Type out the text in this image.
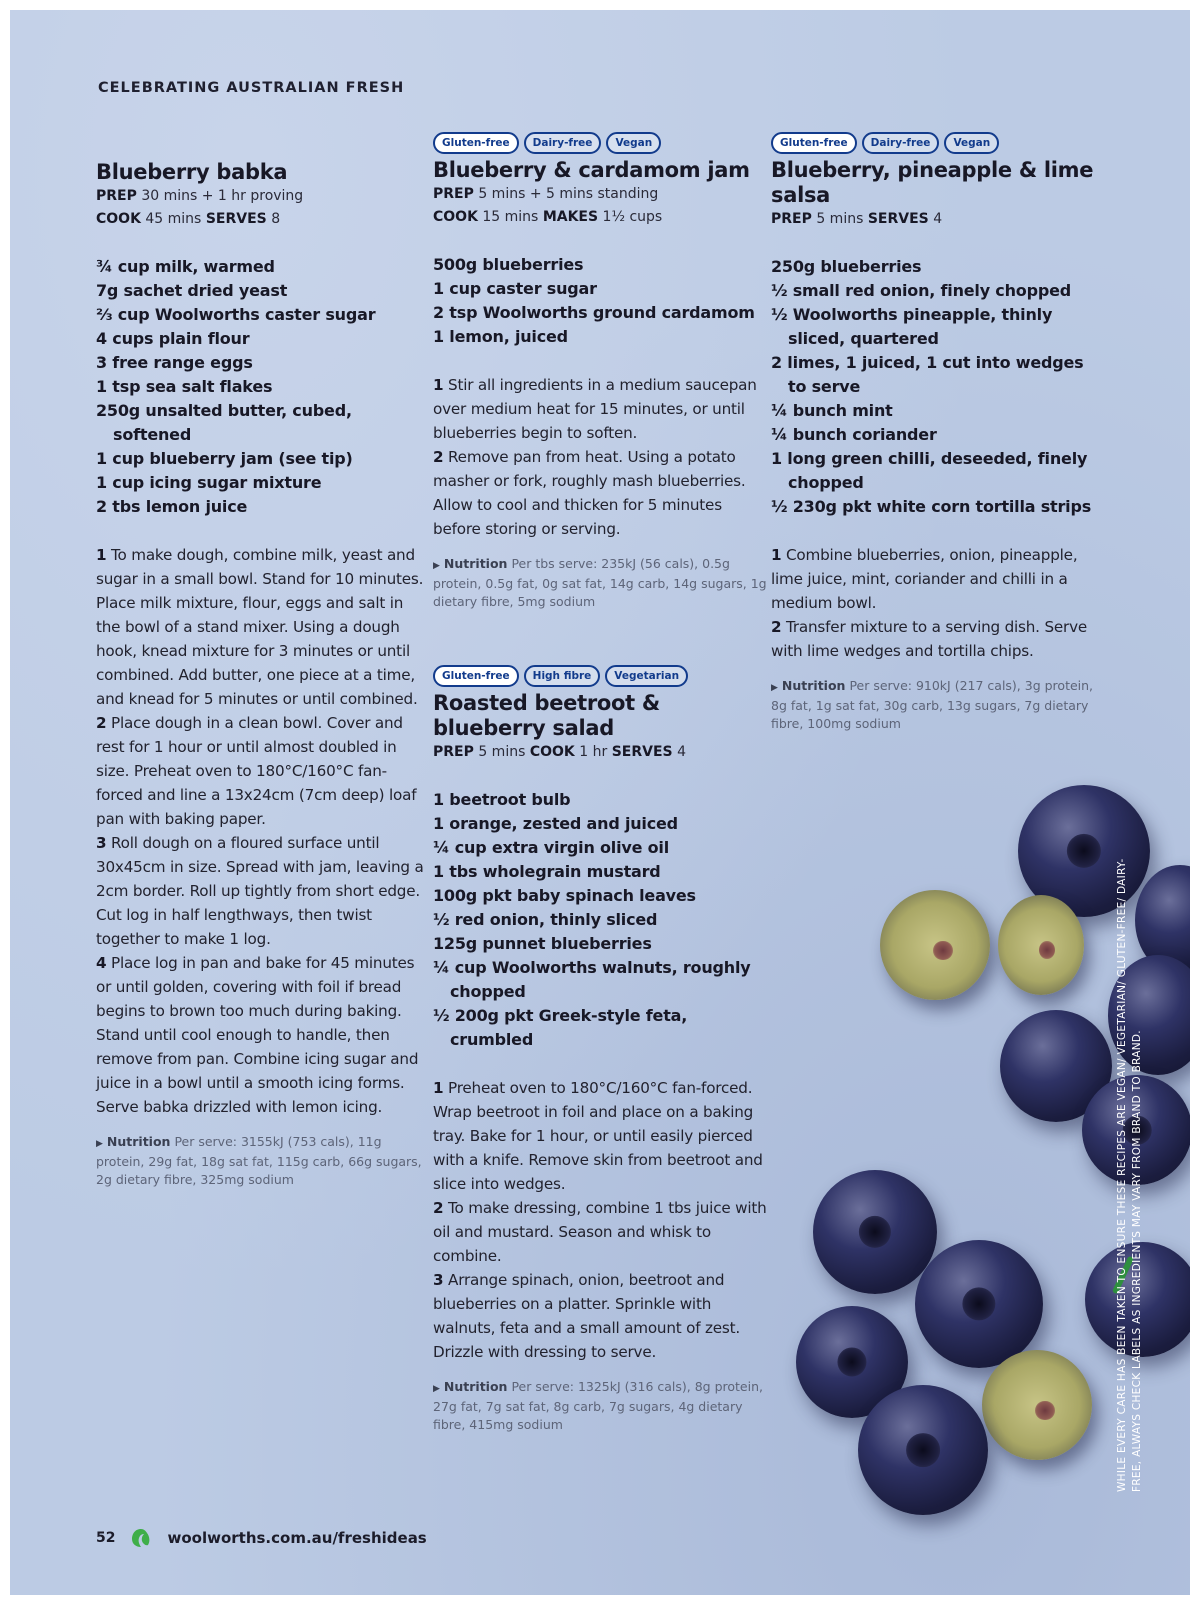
CELEBRATING AUSTRALIAN FRESH
Blueberry babka
PREP 30 mins + 1 hr proving
COOK 45 mins SERVES 8
¾ cup milk, warmed
7g sachet dried yeast
⅔ cup Woolworths caster sugar
4 cups plain flour
3 free range eggs
1 tsp sea salt flakes
250g unsalted butter, cubed, softened
1 cup blueberry jam (see tip)
1 cup icing sugar mixture
2 tbs lemon juice

1 To make dough, combine milk, yeast and sugar in a small bowl. Stand for 10 minutes. Place milk mixture, flour, eggs and salt in the bowl of a stand mixer. Using a dough hook, knead mixture for 3 minutes or until combined. Add butter, one piece at a time, and knead for 5 minutes or until combined.

2 Place dough in a clean bowl. Cover and rest for 1 hour or until almost doubled in size. Preheat oven to 180°C/160°C fan-forced and line a 13x24cm (7cm deep) loaf pan with baking paper.

3 Roll dough on a floured surface until 30x45cm in size. Spread with jam, leaving a 2cm border. Roll up tightly from short edge. Cut log in half lengthways, then twist together to make 1 log.

4 Place log in pan and bake for 45 minutes or until golden, covering with foil if bread begins to brown too much during baking. Stand until cool enough to handle, then remove from pan. Combine icing sugar and juice in a bowl until a smooth icing forms. Serve babka drizzled with lemon icing.

▶ Nutrition Per serve: 3155kJ (753 cals), 11g protein, 29g fat, 18g sat fat, 115g carb, 66g sugars, 2g dietary fibre, 325mg sodium
Gluten-free	Dairy-free	Vegan
Blueberry & cardamom jam
PREP 5 mins + 5 mins standing
COOK 15 mins MAKES 1½ cups
500g blueberries
1 cup caster sugar
2 tsp Woolworths ground cardamom
1 lemon, juiced

1 Stir all ingredients in a medium saucepan over medium heat for 15 minutes, or until blueberries begin to soften.

2 Remove pan from heat. Using a potato masher or fork, roughly mash blueberries. Allow to cool and thicken for 5 minutes before storing or serving.

▶ Nutrition Per tbs serve: 235kJ (56 cals), 0.5g protein, 0.5g fat, 0g sat fat, 14g carb, 14g sugars, 1g dietary fibre, 5mg sodium
Gluten-free	High fibre	Vegetarian
Roasted beetroot & blueberry salad
PREP 5 mins COOK 1 hr SERVES 4
1 beetroot bulb
1 orange, zested and juiced
¼ cup extra virgin olive oil
1 tbs wholegrain mustard
100g pkt baby spinach leaves
½ red onion, thinly sliced
125g punnet blueberries
¼ cup Woolworths walnuts, roughly chopped
½ 200g pkt Greek-style feta, crumbled

1 Preheat oven to 180°C/160°C fan-forced. Wrap beetroot in foil and place on a baking tray. Bake for 1 hour, or until easily pierced with a knife. Remove skin from beetroot and slice into wedges.

2 To make dressing, combine 1 tbs juice with oil and mustard. Season and whisk to combine.

3 Arrange spinach, onion, beetroot and blueberries on a platter. Sprinkle with walnuts, feta and a small amount of zest. Drizzle with dressing to serve.

▶ Nutrition Per serve: 1325kJ (316 cals), 8g protein, 27g fat, 7g sat fat, 8g carb, 7g sugars, 4g dietary fibre, 415mg sodium
Gluten-free	Dairy-free	Vegan
Blueberry, pineapple & lime salsa
PREP 5 mins SERVES 4
250g blueberries
½ small red onion, finely chopped
½ Woolworths pineapple, thinly sliced, quartered
2 limes, 1 juiced, 1 cut into wedges to serve
¼ bunch mint
¼ bunch coriander
1 long green chilli, deseeded, finely chopped
½ 230g pkt white corn tortilla strips

1 Combine blueberries, onion, pineapple, lime juice, mint, coriander and chilli in a medium bowl.

2 Transfer mixture to a serving dish. Serve with lime wedges and tortilla chips.

▶ Nutrition Per serve: 910kJ (217 cals), 3g protein, 8g fat, 1g sat fat, 30g carb, 13g sugars, 7g dietary fibre, 100mg sodium
WHILE EVERY CARE HAS BEEN TAKEN TO ENSURE THESE RECIPES ARE VEGAN/ VEGETARIAN/ GLUTEN-FREE/ DAIRY-FREE, ALWAYS CHECK LABELS AS INGREDIENTS MAY VARY FROM BRAND TO BRAND.
52	woolworths.com.au/freshideas
